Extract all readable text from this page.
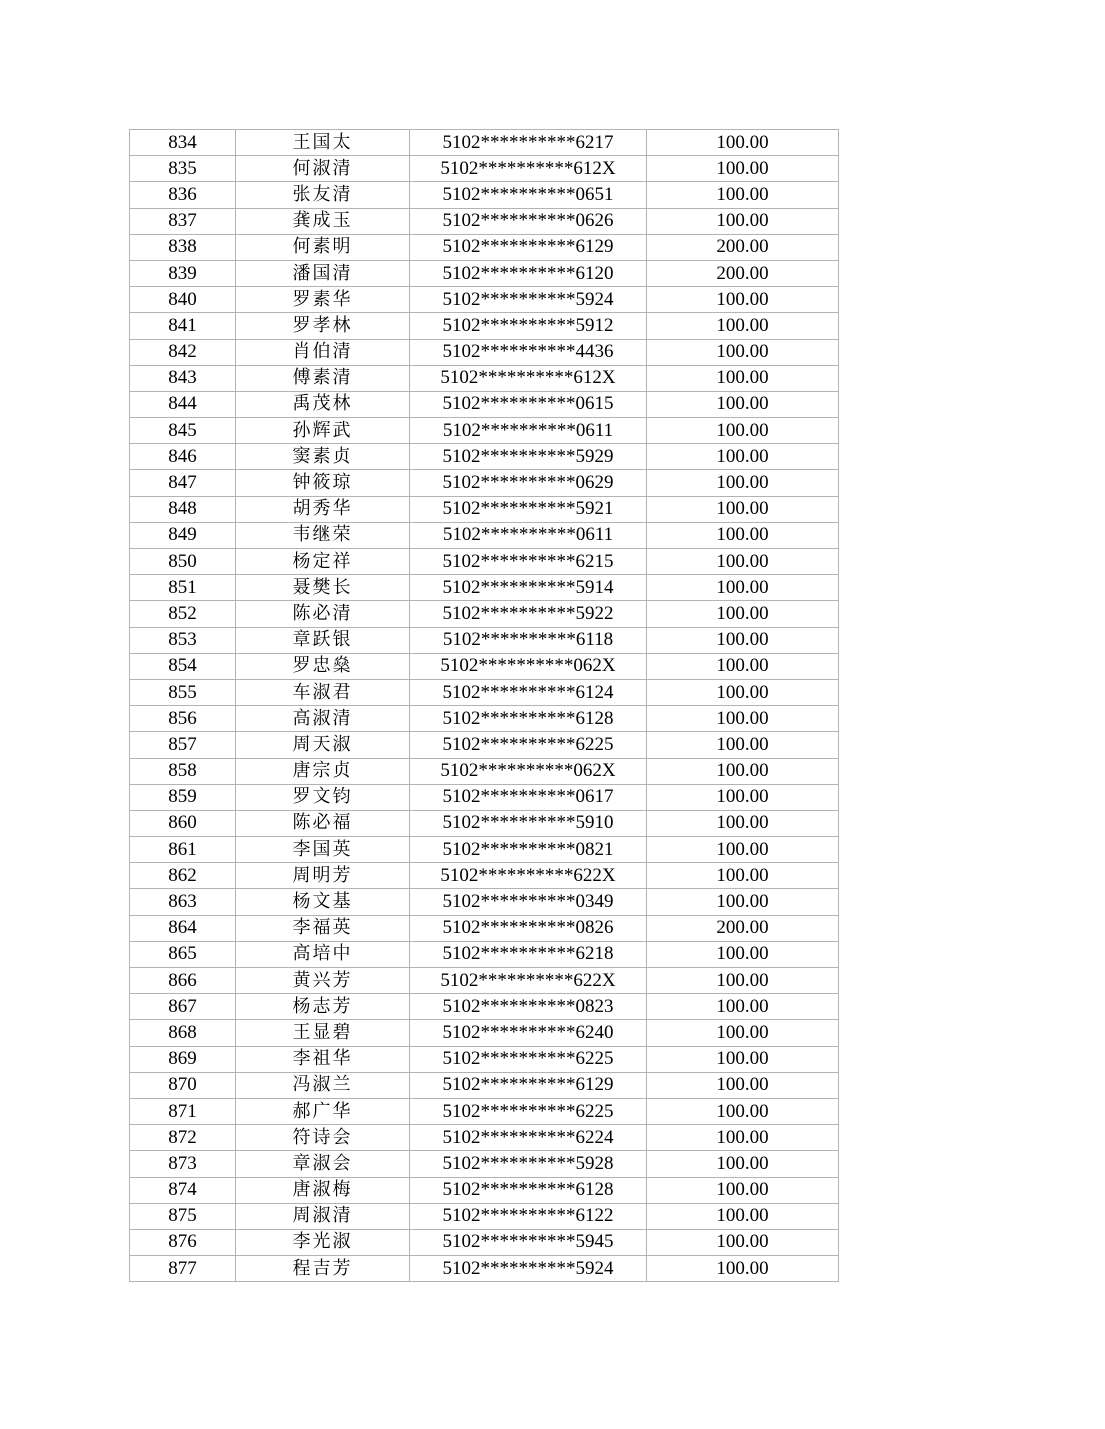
834	王国太	5102**********6217	100.00
835	何淑清	5102**********612X	100.00
836	张友清	5102**********0651	100.00
837	龚成玉	5102**********0626	100.00
838	何素明	5102**********6129	200.00
839	潘国清	5102**********6120	200.00
840	罗素华	5102**********5924	100.00
841	罗孝林	5102**********5912	100.00
842	肖伯清	5102**********4436	100.00
843	傅素清	5102**********612X	100.00
844	禹茂林	5102**********0615	100.00
845	孙辉武	5102**********0611	100.00
846	窦素贞	5102**********5929	100.00
847	钟筱琼	5102**********0629	100.00
848	胡秀华	5102**********5921	100.00
849	韦继荣	5102**********0611	100.00
850	杨定祥	5102**********6215	100.00
851	聂樊长	5102**********5914	100.00
852	陈必清	5102**********5922	100.00
853	章跃银	5102**********6118	100.00
854	罗忠燊	5102**********062X	100.00
855	车淑君	5102**********6124	100.00
856	高淑清	5102**********6128	100.00
857	周天淑	5102**********6225	100.00
858	唐宗贞	5102**********062X	100.00
859	罗文钧	5102**********0617	100.00
860	陈必福	5102**********5910	100.00
861	李国英	5102**********0821	100.00
862	周明芳	5102**********622X	100.00
863	杨文基	5102**********0349	100.00
864	李福英	5102**********0826	200.00
865	高培中	5102**********6218	100.00
866	黄兴芳	5102**********622X	100.00
867	杨志芳	5102**********0823	100.00
868	王显碧	5102**********6240	100.00
869	李祖华	5102**********6225	100.00
870	冯淑兰	5102**********6129	100.00
871	郝广华	5102**********6225	100.00
872	符诗会	5102**********6224	100.00
873	章淑会	5102**********5928	100.00
874	唐淑梅	5102**********6128	100.00
875	周淑清	5102**********6122	100.00
876	李光淑	5102**********5945	100.00
877	程吉芳	5102**********5924	100.00
